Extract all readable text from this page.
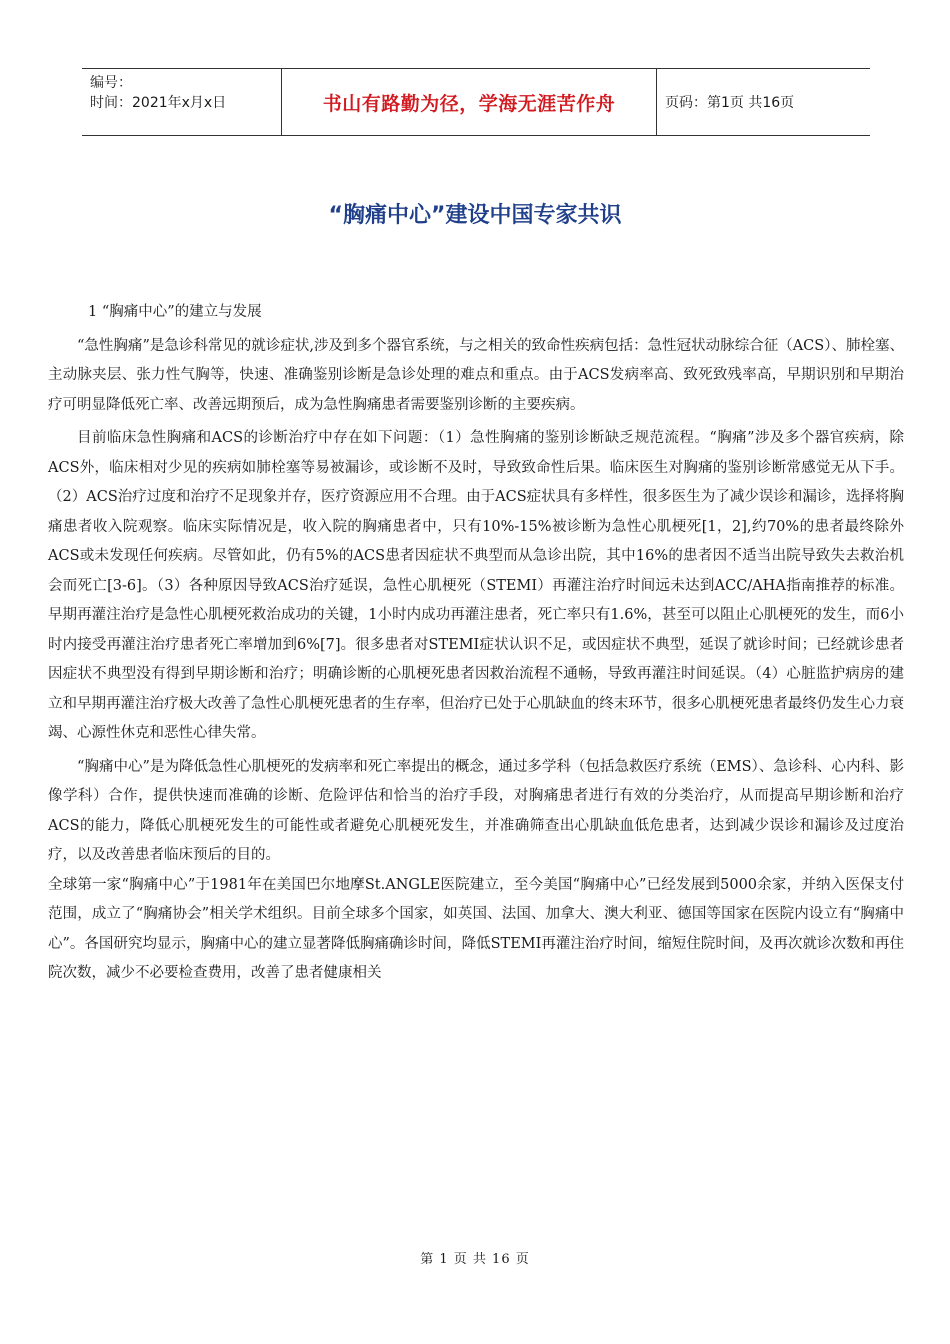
编号：
时间：2021年x月x日	书山有路勤为径，学海无涯苦作舟	页码：第1页 共16页
“胸痛中心”建设中国专家共识

1 “胸痛中心”的建立与发展

“急性胸痛”是急诊科常见的就诊症状,涉及到多个器官系统，与之相关的致命性疾病包括：急性冠状动脉综合征（ACS）、肺栓塞、主动脉夹层、张力性气胸等，快速、准确鉴别诊断是急诊处理的难点和重点。由于ACS发病率高、致死致残率高，早期识别和早期治疗可明显降低死亡率、改善远期预后，成为急性胸痛患者需要鉴别诊断的主要疾病。

目前临床急性胸痛和ACS的诊断治疗中存在如下问题：（1）急性胸痛的鉴别诊断缺乏规范流程。“胸痛”涉及多个器官疾病，除ACS外，临床相对少见的疾病如肺栓塞等易被漏诊，或诊断不及时，导致致命性后果。临床医生对胸痛的鉴别诊断常感觉无从下手。（2）ACS治疗过度和治疗不足现象并存，医疗资源应用不合理。由于ACS症状具有多样性，很多医生为了减少误诊和漏诊，选择将胸痛患者收入院观察。临床实际情况是，收入院的胸痛患者中，只有10%-15%被诊断为急性心肌梗死[1，2],约70%的患者最终除外ACS或未发现任何疾病。尽管如此，仍有5%的ACS患者因症状不典型而从急诊出院，其中16%的患者因不适当出院导致失去救治机会而死亡[3-6]。（3）各种原因导致ACS治疗延误，急性心肌梗死（STEMI）再灌注治疗时间远未达到ACC/AHA指南推荐的标准。早期再灌注治疗是急性心肌梗死救治成功的关键，1小时内成功再灌注患者，死亡率只有1.6%，甚至可以阻止心肌梗死的发生，而6小时内接受再灌注治疗患者死亡率增加到6%[7]。很多患者对STEMI症状认识不足，或因症状不典型，延误了就诊时间；已经就诊患者因症状不典型没有得到早期诊断和治疗；明确诊断的心肌梗死患者因救治流程不通畅，导致再灌注时间延误。（4）心脏监护病房的建立和早期再灌注治疗极大改善了急性心肌梗死患者的生存率，但治疗已处于心肌缺血的终末环节，很多心肌梗死患者最终仍发生心力衰竭、心源性休克和恶性心律失常。

“胸痛中心”是为降低急性心肌梗死的发病率和死亡率提出的概念，通过多学科（包括急救医疗系统（EMS）、急诊科、心内科、影像学科）合作，提供快速而准确的诊断、危险评估和恰当的治疗手段，对胸痛患者进行有效的分类治疗，从而提高早期诊断和治疗ACS的能力，降低心肌梗死发生的可能性或者避免心肌梗死发生，并准确筛查出心肌缺血低危患者，达到减少误诊和漏诊及过度治疗，以及改善患者临床预后的目的。

全球第一家“胸痛中心”于1981年在美国巴尔地摩St.ANGLE医院建立，至今美国“胸痛中心”已经发展到5000余家，并纳入医保支付范围，成立了“胸痛协会”相关学术组织。目前全球多个国家，如英国、法国、加拿大、澳大利亚、德国等国家在医院内设立有“胸痛中心”。各国研究均显示，胸痛中心的建立显著降低胸痛确诊时间，降低STEMI再灌注治疗时间，缩短住院时间，及再次就诊次数和再住院次数，减少不必要检查费用，改善了患者健康相关

第 1 页 共 16 页
